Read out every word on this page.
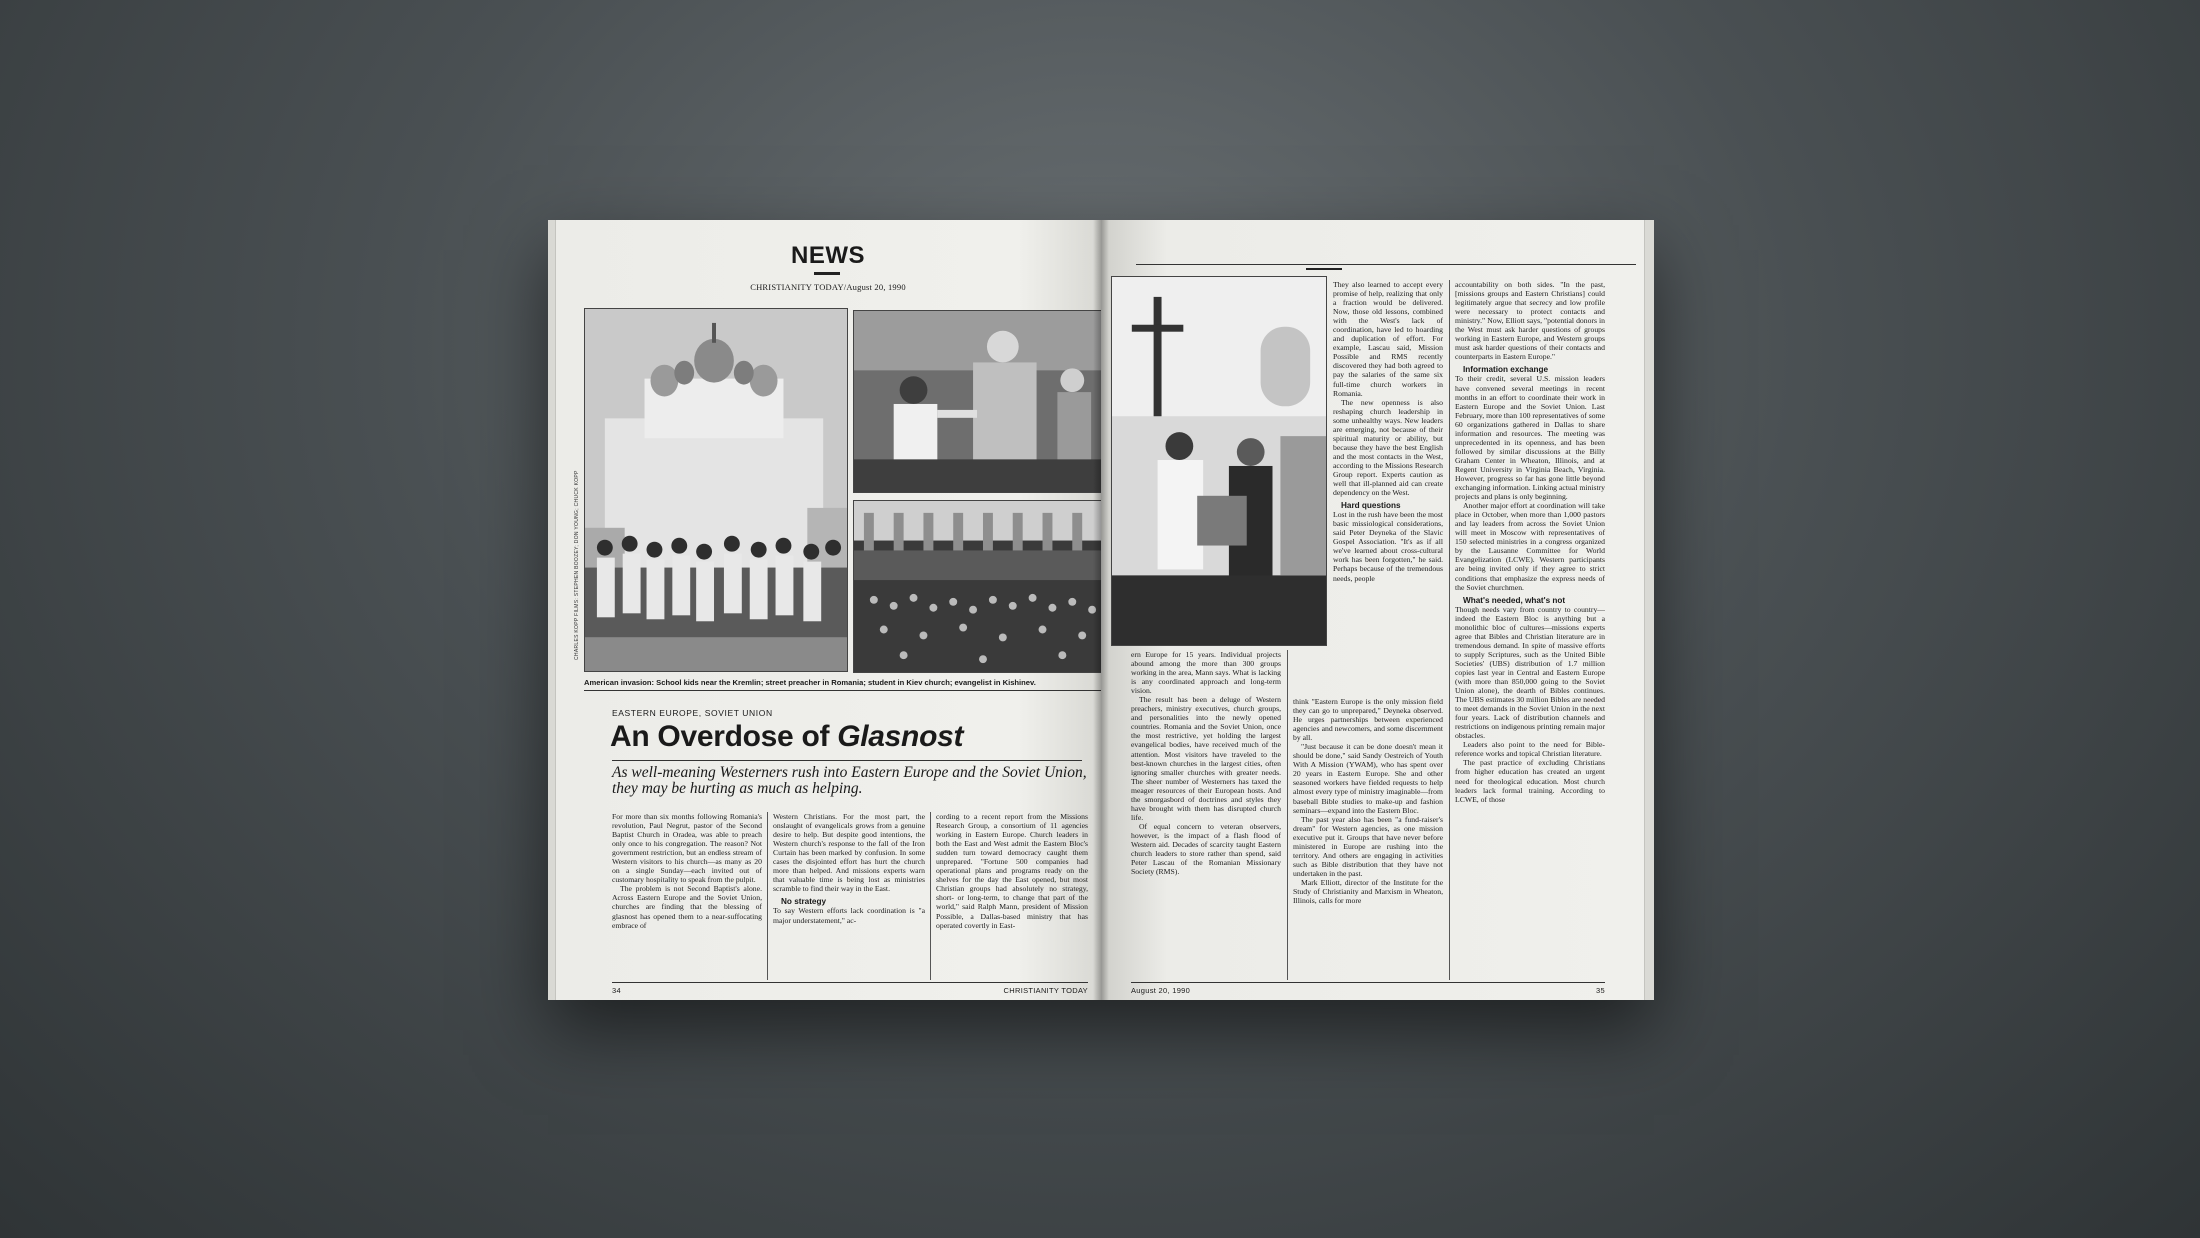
NEWS
CHRISTIANITY TODAY/August 20, 1990
CHARLES KOPP FILMS: STEPHEN BOOZEY; DON YOUNG; CHUCK KOPP
American invasion: School kids near the Kremlin; street preacher in Romania; student in Kiev church; evangelist in Kishinev.
EASTERN EUROPE, SOVIET UNION
An Overdose of Glasnost
As well-meaning Westerners rush into Eastern Europe and the Soviet Union, they may be hurting as much as helping.

For more than six months following Romania's revolution, Paul Negrut, pastor of the Second Baptist Church in Oradea, was able to preach only once to his congregation. The reason? Not government restriction, but an endless stream of Western visitors to his church—as many as 20 on a single Sunday—each invited out of customary hospitality to speak from the pulpit.

The problem is not Second Baptist's alone. Across Eastern Europe and the Soviet Union, churches are finding that the blessing of glasnost has opened them to a near-suffocating embrace of

Western Christians. For the most part, the onslaught of evangelicals grows from a genuine desire to help. But despite good intentions, the Western church's response to the fall of the Iron Curtain has been marked by confusion. In some cases the disjointed effort has hurt the church more than helped. And missions experts warn that valuable time is being lost as ministries scramble to find their way in the East.

No strategy

To say Western efforts lack coordination is "a major understatement," ac-

cording to a recent report from the Missions Research Group, a consortium of 11 agencies working in Eastern Europe. Church leaders in both the East and West admit the Eastern Bloc's sudden turn toward democracy caught them unprepared. "Fortune 500 companies had operational plans and programs ready on the shelves for the day the East opened, but most Christian groups had absolutely no strategy, short- or long-term, to change that part of the world," said Ralph Mann, president of Mission Possible, a Dallas-based ministry that has operated covertly in East-

34	CHRISTIANITY TODAY

ern Europe for 15 years. Individual projects abound among the more than 300 groups working in the area, Mann says. What is lacking is any coordinated approach and long-term vision.

The result has been a deluge of Western preachers, ministry executives, church groups, and personalities into the newly opened countries. Romania and the Soviet Union, once the most restrictive, yet holding the largest evangelical bodies, have received much of the attention. Most visitors have traveled to the best-known churches in the largest cities, often ignoring smaller churches with greater needs. The sheer number of Westerners has taxed the meager resources of their European hosts. And the smorgasbord of doctrines and styles they have brought with them has disrupted church life.

Of equal concern to veteran observers, however, is the impact of a flash flood of Western aid. Decades of scarcity taught Eastern church leaders to store rather than spend, said Peter Lascau of the Romanian Missionary Society (RMS).

They also learned to accept every promise of help, realizing that only a fraction would be delivered. Now, those old lessons, combined with the West's lack of coordination, have led to hoarding and duplication of effort. For example, Lascau said, Mission Possible and RMS recently discovered they had both agreed to pay the salaries of the same six full-time church workers in Romania.

The new openness is also reshaping church leadership in some unhealthy ways. New leaders are emerging, not because of their spiritual maturity or ability, but because they have the best English and the most contacts in the West, according to the Missions Research Group report. Experts caution as well that ill-planned aid can create dependency on the West.

Hard questions

Lost in the rush have been the most basic missiological considerations, said Peter Deyneka of the Slavic Gospel Association. "It's as if all we've learned about cross-cultural work has been forgotten," he said. Perhaps because of the tremendous needs, people

think "Eastern Europe is the only mission field they can go to unprepared," Deyneka observed. He urges partnerships between experienced agencies and newcomers, and some discernment by all.

"Just because it can be done doesn't mean it should be done," said Sandy Oestreich of Youth With A Mission (YWAM), who has spent over 20 years in Eastern Europe. She and other seasoned workers have fielded requests to help almost every type of ministry imaginable—from baseball Bible studies to make-up and fashion seminars—expand into the Eastern Bloc.

The past year also has been "a fund-raiser's dream" for Western agencies, as one mission executive put it. Groups that have never before ministered in Europe are rushing into the territory. And others are engaging in activities such as Bible distribution that they have not undertaken in the past.

Mark Elliott, director of the Institute for the Study of Christianity and Marxism in Wheaton, Illinois, calls for more

accountability on both sides. "In the past, [missions groups and Eastern Christians] could legitimately argue that secrecy and low profile were necessary to protect contacts and ministry." Now, Elliott says, "potential donors in the West must ask harder questions of groups working in Eastern Europe, and Western groups must ask harder questions of their contacts and counterparts in Eastern Europe."

Information exchange

To their credit, several U.S. mission leaders have convened several meetings in recent months in an effort to coordinate their work in Eastern Europe and the Soviet Union. Last February, more than 100 representatives of some 60 organizations gathered in Dallas to share information and resources. The meeting was unprecedented in its openness, and has been followed by similar discussions at the Billy Graham Center in Wheaton, Illinois, and at Regent University in Virginia Beach, Virginia. However, progress so far has gone little beyond exchanging information. Linking actual ministry projects and plans is only beginning.

Another major effort at coordination will take place in October, when more than 1,000 pastors and lay leaders from across the Soviet Union will meet in Moscow with representatives of 150 selected ministries in a congress organized by the Lausanne Committee for World Evangelization (LCWE). Western participants are being invited only if they agree to strict conditions that emphasize the express needs of the Soviet churchmen.

What's needed, what's not

Though needs vary from country to country—indeed the Eastern Bloc is anything but a monolithic bloc of cultures—missions experts agree that Bibles and Christian literature are in tremendous demand. In spite of massive efforts to supply Scriptures, such as the United Bible Societies' (UBS) distribution of 1.7 million copies last year in Central and Eastern Europe (with more than 850,000 going to the Soviet Union alone), the dearth of Bibles continues. The UBS estimates 30 million Bibles are needed to meet demands in the Soviet Union in the next four years. Lack of distribution channels and restrictions on indigenous printing remain major obstacles.

Leaders also point to the need for Bible-reference works and topical Christian literature.

The past practice of excluding Christians from higher education has created an urgent need for theological education. Most church leaders lack formal training. According to LCWE, of those

August 20, 1990	35
